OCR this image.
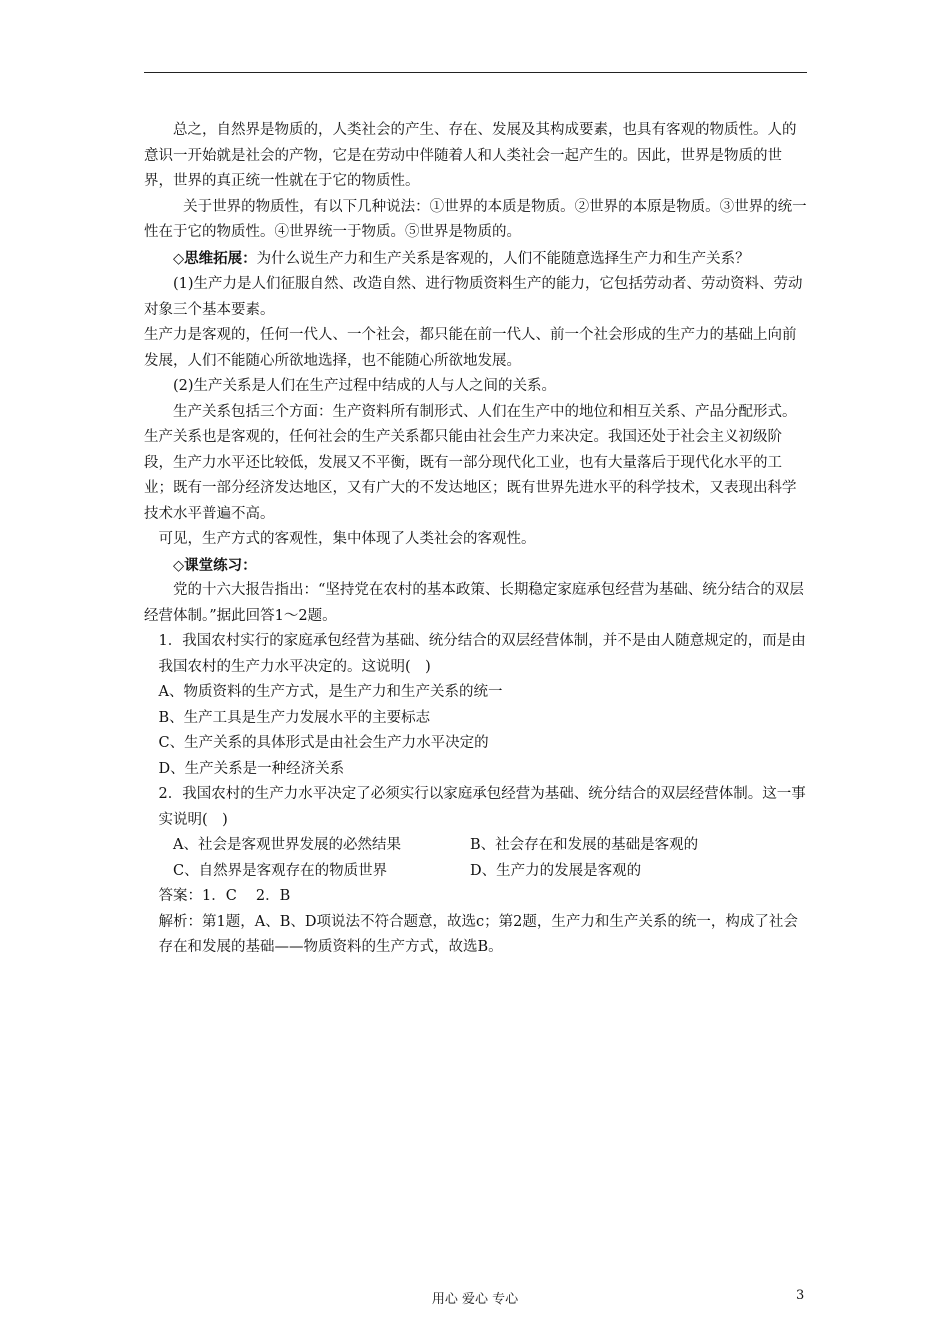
总之，自然界是物质的，人类社会的产生、存在、发展及其构成要素，也具有客观的物质性。人的意识一开始就是社会的产物，它是在劳动中伴随着人和人类社会一起产生的。因此，世界是物质的世界，世界的真正统一性就在于它的物质性。

关于世界的物质性，有以下几种说法：①世界的本质是物质。②世界的本原是物质。③世界的统一性在于它的物质性。④世界统一于物质。⑤世界是物质的。

◇思维拓展：为什么说生产力和生产关系是客观的，人们不能随意选择生产力和生产关系？

(1)生产力是人们征服自然、改造自然、进行物质资料生产的能力，它包括劳动者、劳动资料、劳动对象三个基本要素。

生产力是客观的，任何一代人、一个社会，都只能在前一代人、前一个社会形成的生产力的基础上向前发展，人们不能随心所欲地选择，也不能随心所欲地发展。

(2)生产关系是人们在生产过程中结成的人与人之间的关系。

生产关系包括三个方面：生产资料所有制形式、人们在生产中的地位和相互关系、产品分配形式。生产关系也是客观的，任何社会的生产关系都只能由社会生产力来决定。我国还处于社会主义初级阶段，生产力水平还比较低，发展又不平衡，既有一部分现代化工业，也有大量落后于现代化水平的工业；既有一部分经济发达地区，又有广大的不发达地区；既有世界先进水平的科学技术，又表现出科学技术水平普遍不高。

可见，生产方式的客观性，集中体现了人类社会的客观性。

◇课堂练习：

党的十六大报告指出：“坚持党在农村的基本政策、长期稳定家庭承包经营为基础、统分结合的双层经营体制。”据此回答1～2题。

1．我国农村实行的家庭承包经营为基础、统分结合的双层经营体制，并不是由人随意规定的，而是由我国农村的生产力水平决定的。这说明(　)

A、物质资料的生产方式，是生产力和生产关系的统一

B、生产工具是生产力发展水平的主要标志

C、生产关系的具体形式是由社会生产力水平决定的

D、生产关系是一种经济关系

2．我国农村的生产力水平决定了必须实行以家庭承包经营为基础、统分结合的双层经营体制。这一事实说明(　)

A、社会是客观世界发展的必然结果	B、社会存在和发展的基础是客观的
C、自然界是客观存在的物质世界	D、生产力的发展是客观的

答案：1．C　 2．B

解析：第1题，A、B、D项说法不符合题意，故选c；第2题，生产力和生产关系的统一，构成了社会存在和发展的基础——物质资料的生产方式，故选B。

用心 爱心 专心	3
